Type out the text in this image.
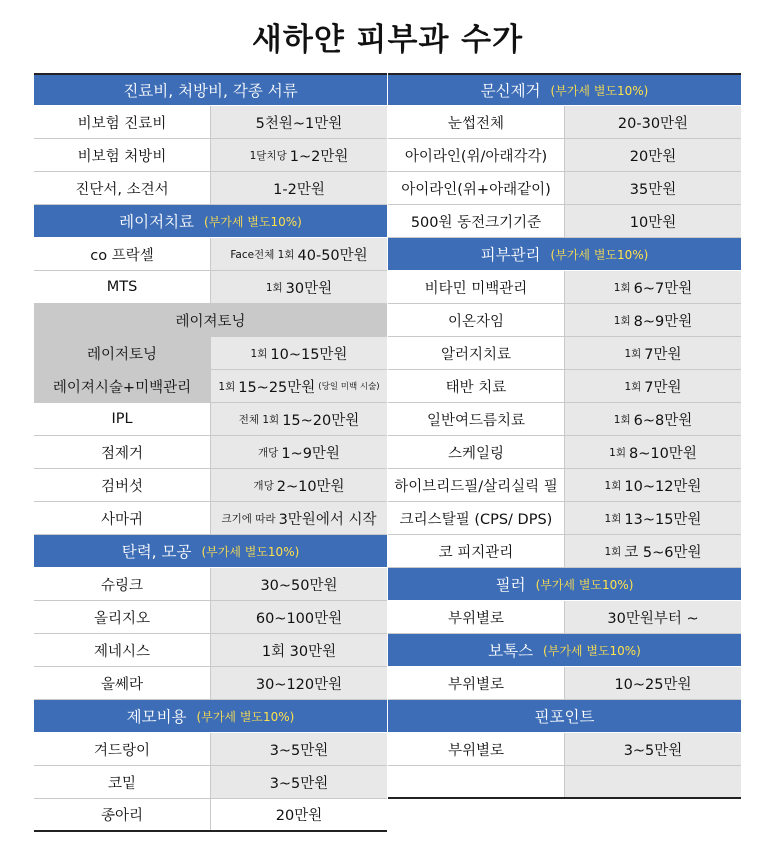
새하얀 피부과 수가
진료비, 처방비, 각종 서류
비보험 진료비	5천원~1만원
비보험 처방비	1달치당 1~2만원
진단서, 소견서	1-2만원
레이저치료 (부가세 별도10%)
co 프락셀	Face전체 1회 40-50만원
MTS	1회 30만원
레이져토닝
레이저토닝	1회 10~15만원
레이져시술+미백관리	1회 15~25만원 (당일 미백 시술)
IPL	전체 1회 15~20만원
점제거	개당 1~9만원
검버섯	개당 2~10만원
사마귀	크기에 따라 3만원에서 시작
탄력, 모공 (부가세 별도10%)
슈링크	30~50만원
올리지오	60~100만원
제네시스	1회 30만원
울쎄라	30~120만원
제모비용 (부가세 별도10%)
겨드랑이	3~5만원
코밑	3~5만원
종아리	20만원
문신제거 (부가세 별도10%)
눈썹전체	20-30만원
아이라인(위/아래각각)	20만원
아이라인(위+아래같이)	35만원
500원 동전크기기준	10만원
피부관리 (부가세 별도10%)
비타민 미백관리	1회 6~7만원
이온자임	1회 8~9만원
알러지치료	1회 7만원
태반 치료	1회 7만원
일반여드름치료	1회 6~8만원
스케일링	1회 8~10만원
하이브리드필/살리실릭 필	1회 10~12만원
크리스탈필 (CPS/ DPS)	1회 13~15만원
코 피지관리	1회 코 5~6만원
필러 (부가세 별도10%)
부위별로	30만원부터 ~
보톡스 (부가세 별도10%)
부위별로	10~25만원
핀포인트
부위별로	3~5만원
